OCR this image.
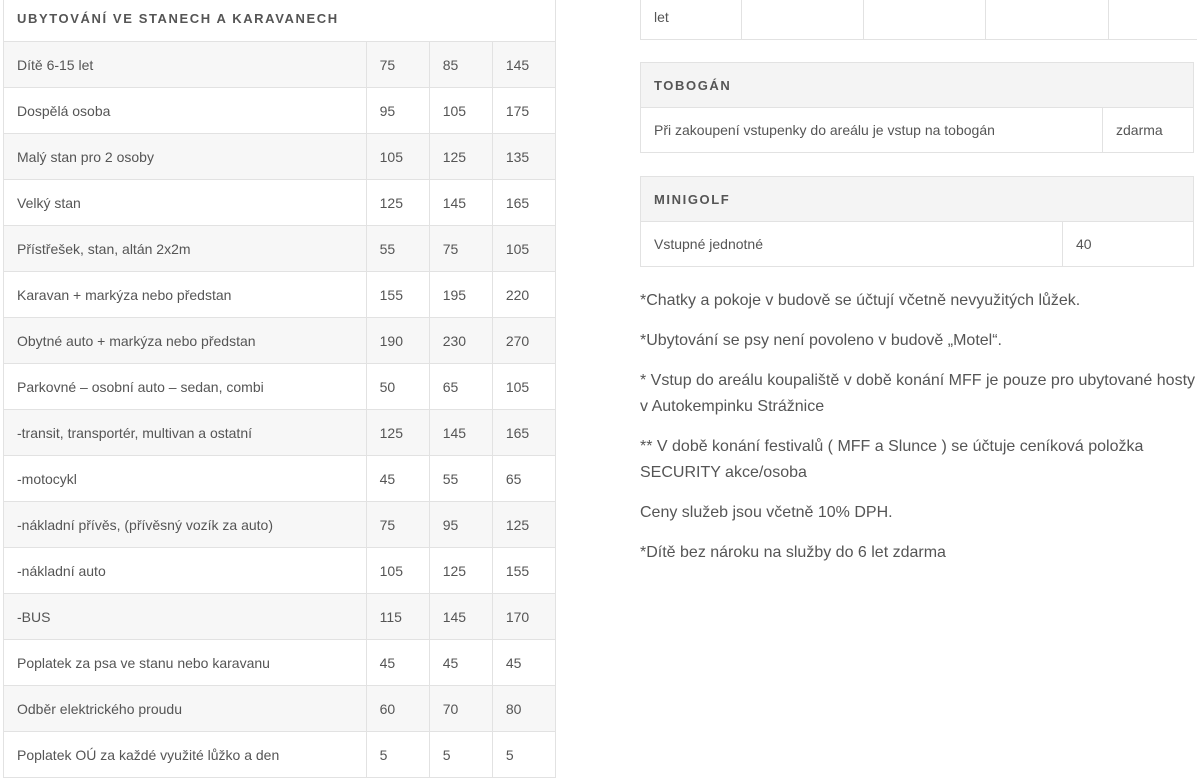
UBYTOVÁNÍ VE STANECH A KARAVANECH			
Dítě 6-15 let	75	85	145
Dospělá osoba	95	105	175
Malý stan pro 2 osoby	105	125	135
Velký stan	125	145	165
Přístřešek, stan, altán 2x2m	55	75	105
Karavan + markýza nebo předstan	155	195	220
Obytné auto + markýza nebo předstan	190	230	270
Parkovné – osobní auto – sedan, combi	50	65	105
-transit, transportér, multivan a ostatní	125	145	165
-motocykl	45	55	65
-nákladní přívěs, (přívěsný vozík za auto)	75	95	125
-nákladní auto	105	125	155
-BUS	115	145	170
Poplatek za psa ve stanu nebo karavanu	45	45	45
Odběr elektrického proudu	60	70	80
Poplatek OÚ za každé využité lůžko a den	5	5	5
let				
TOBOGÁN
Při zakoupení vstupenky do areálu je vstup na tobogán	zdarma
MINIGOLF
Vstupné jednotné	40

*Chatky a pokoje v budově se účtují včetně nevyužitých lůžek.

*Ubytování se psy není povoleno v budově „Motel“.

* Vstup do areálu koupaliště v době konání MFF je pouze pro ubytované hosty v Autokempinku Strážnice

** V době konání festivalů ( MFF a Slunce ) se účtuje ceníková položka SECURITY akce/osoba

Ceny služeb jsou včetně 10% DPH.

*Dítě bez nároku na služby do 6 let zdarma
